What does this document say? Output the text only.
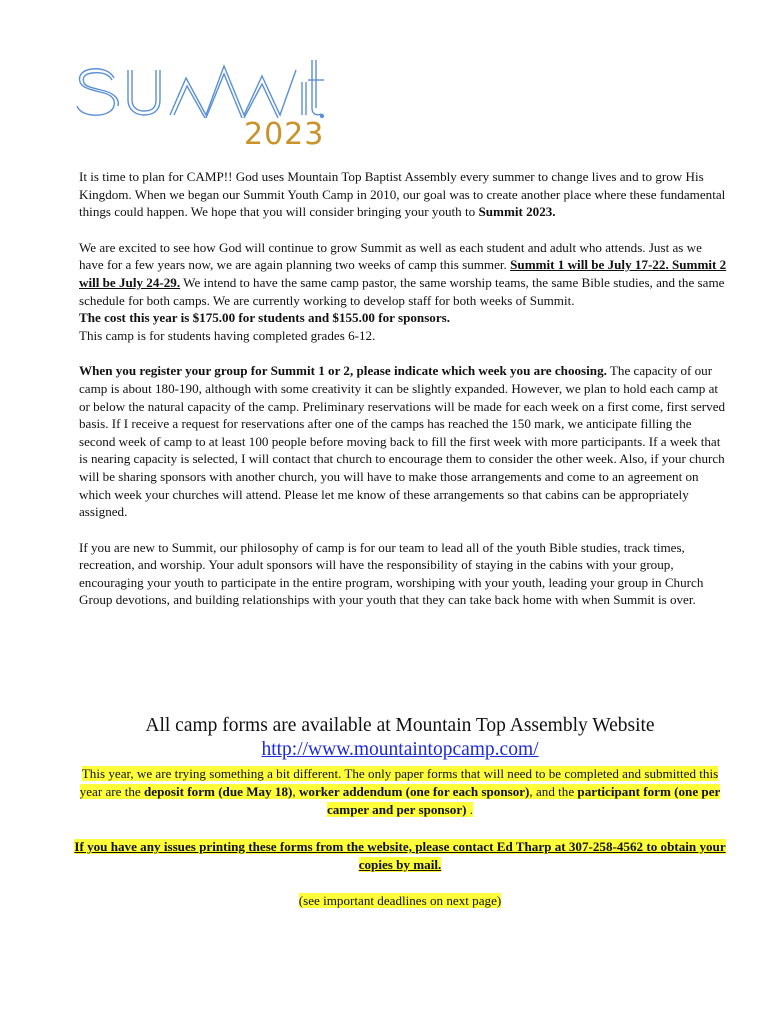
2023

It is time to plan for CAMP!! God uses Mountain Top Baptist Assembly every summer to change lives and to grow His Kingdom. When we began our Summit Youth Camp in 2010, our goal was to create another place where these fundamental things could happen. We hope that you will consider bringing your youth to Summit 2023.

We are excited to see how God will continue to grow Summit as well as each student and adult who attends. Just as we have for a few years now, we are again planning two weeks of camp this summer. Summit 1 will be July 17-22. Summit 2 will be July 24-29. We intend to have the same camp pastor, the same worship teams, the same Bible studies, and the same schedule for both camps. We are currently working to develop staff for both weeks of Summit.

The cost this year is $175.00 for students and $155.00 for sponsors.

This camp is for students having completed grades 6-12.

When you register your group for Summit 1 or 2, please indicate which week you are choosing. The capacity of our camp is about 180-190, although with some creativity it can be slightly expanded. However, we plan to hold each camp at or below the natural capacity of the camp. Preliminary reservations will be made for each week on a first come, first served basis. If I receive a request for reservations after one of the camps has reached the 150 mark, we anticipate filling the second week of camp to at least 100 people before moving back to fill the first week with more participants. If a week that is nearing capacity is selected, I will contact that church to encourage them to consider the other week. Also, if your church will be sharing sponsors with another church, you will have to make those arrangements and come to an agreement on which week your churches will attend. Please let me know of these arrangements so that cabins can be appropriately assigned.

If you are new to Summit, our philosophy of camp is for our team to lead all of the youth Bible studies, track times, recreation, and worship. Your adult sponsors will have the responsibility of staying in the cabins with your group, encouraging your youth to participate in the entire program, worshiping with your youth, leading your group in Church Group devotions, and building relationships with your youth that they can take back home with when Summit is over.

All camp forms are available at Mountain Top Assembly Website
http://www.mountaintopcamp.com/
This year, we are trying something a bit different. The only paper forms that will need to be completed and submitted this year are the deposit form (due May 18), worker addendum (one for each sponsor), and the participant form (one per camper and per sponsor) .
If you have any issues printing these forms from the website, please contact Ed Tharp at 307-258-4562 to obtain your copies by mail.
(see important deadlines on next page)
